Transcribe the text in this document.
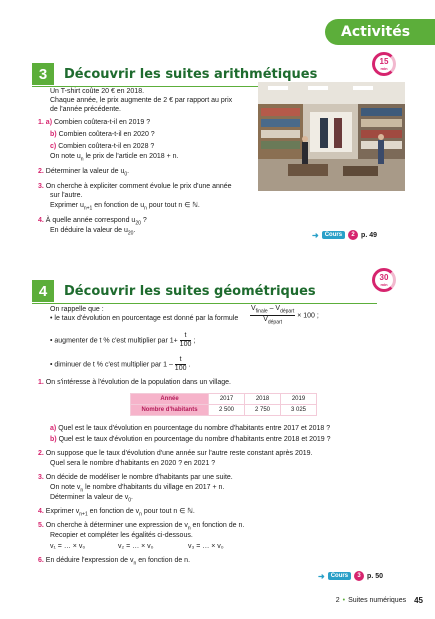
Activités
3	Découvrir les suites arithmétiques
15
min
Un T-shirt coûte 20 € en 2018.
Chaque année, le prix augmente de 2 € par rapport au prix
de l'année précédente.
1. a) Combien coûtera-t-il en 2019 ?
b) Combien coûtera-t-il en 2020 ?
c) Combien coûtera-t-il en 2028 ?
On note $u_n$ le prix de l'article en 2018 + n.
2. Déterminer la valeur de $u_0$.
3. On cherche à expliciter comment évolue le prix d'une année
sur l'autre.
Exprimer $u_{n+1}$ en fonction de $u_n$ pour tout n ∈ ℕ.
4. À quelle année correspond $u_{20}$ ?
En déduire la valeur de $u_{20}$.	➜	Cours	2 p. 49
4	Découvrir les suites géométriques
30
min
On rappelle que :
• le taux d'évolution en pourcentage est donné par la formule $\frac{V_{finale} - V_{départ}}{V_{départ}} \times 100$ ;
• augmenter de t % c'est multiplier par $1+ \frac{t}{100}$ ;
• diminuer de t % c'est multiplier par $1 - \frac{t}{100}$ .
1. On s'intéresse à l'évolution de la population dans un village.
Année	2017	2018	2019
Nombre d'habitants	2 500	2 750	3 025
a) Quel est le taux d'évolution en pourcentage du nombre d'habitants entre 2017 et 2018 ?
b) Quel est le taux d'évolution en pourcentage du nombre d'habitants entre 2018 et 2019 ?
2. On suppose que le taux d'évolution d'une année sur l'autre reste constant après 2019.
Quel sera le nombre d'habitants en 2020 ? en 2021 ?
3. On décide de modéliser le nombre d'habitants par une suite.
On note $v_n$ le nombre d'habitants du village en 2017 + n.
Déterminer la valeur de $v_0$.
4. Exprimer $v_{n+1}$ en fonction de $v_n$ pour tout n ∈ ℕ.
5. On cherche à déterminer une expression de $v_n$ en fonction de n.
Recopier et compléter les égalités ci-dessous.
v₁ = … × v₀	v₂ = … × v₀	v₃ = … × v₀
6. En déduire l'expression de $v_n$ en fonction de n.
➜	Cours	3 p. 50
2 • Suites numériques 45
